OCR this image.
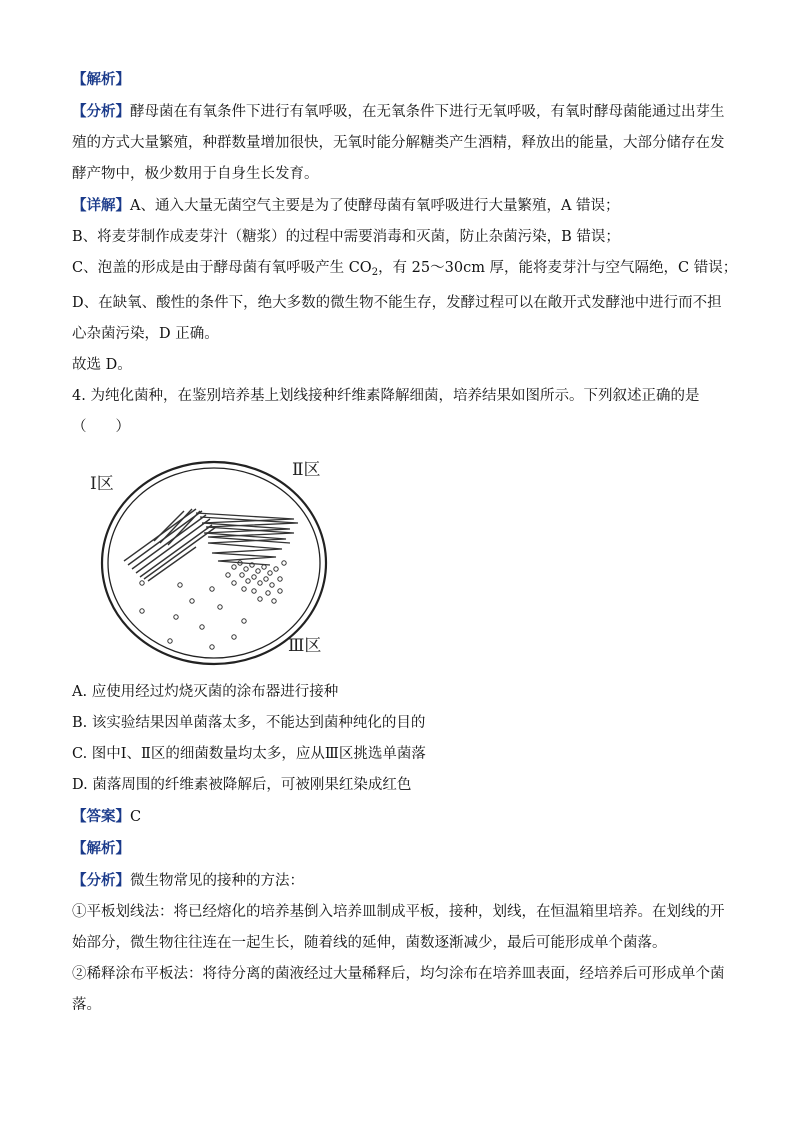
【解析】

【分析】酵母菌在有氧条件下进行有氧呼吸，在无氧条件下进行无氧呼吸，有氧时酵母菌能通过出芽生殖的方式大量繁殖，种群数量增加很快，无氧时能分解糖类产生酒精，释放出的能量，大部分储存在发酵产物中，极少数用于自身生长发育。

【详解】A、通入大量无菌空气主要是为了使酵母菌有氧呼吸进行大量繁殖，A 错误；

B、将麦芽制作成麦芽汁（糖浆）的过程中需要消毒和灭菌，防止杂菌污染，B 错误；

C、泡盖的形成是由于酵母菌有氧呼吸产生 $CO_2$，有 25～30cm 厚，能将麦芽汁与空气隔绝，C 错误；

D、在缺氧、酸性的条件下，绝大多数的微生物不能生存，发酵过程可以在敞开式发酵池中进行而不担心杂菌污染，D 正确。

故选 D。

4. 为纯化菌种，在鉴别培养基上划线接种纤维素降解细菌，培养结果如图所示。下列叙述正确的是（　　）

Ⅰ区
Ⅱ区
Ⅲ区

A. 应使用经过灼烧灭菌的涂布器进行接种

B. 该实验结果因单菌落太多，不能达到菌种纯化的目的

C. 图中Ⅰ、Ⅱ区的细菌数量均太多，应从Ⅲ区挑选单菌落

D. 菌落周围的纤维素被降解后，可被刚果红染成红色

【答案】C

【解析】

【分析】微生物常见的接种的方法：

①平板划线法：将已经熔化的培养基倒入培养皿制成平板，接种，划线，在恒温箱里培养。在划线的开始部分，微生物往往连在一起生长，随着线的延伸，菌数逐渐减少，最后可能形成单个菌落。

②稀释涂布平板法：将待分离的菌液经过大量稀释后，均匀涂布在培养皿表面，经培养后可形成单个菌落。
